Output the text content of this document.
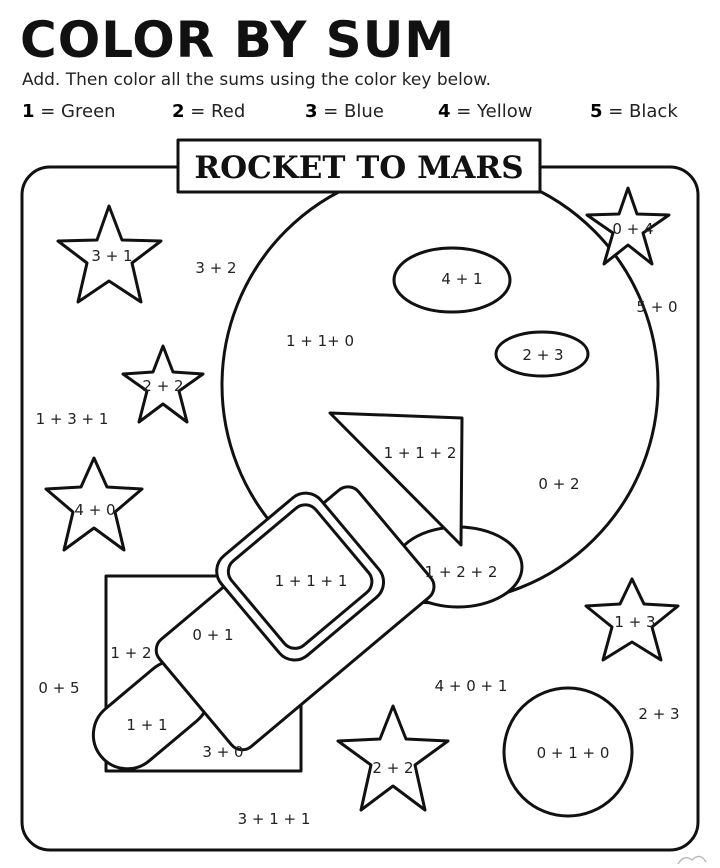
COLOR BY SUM
Add. Then color all the sums using the color key below.
1 = Green	2 = Red	3 = Blue	4 = Yellow	5 = Black
ROCKET TO MARS
3 + 1
0 + 4
2 + 2
4 + 0
1 + 3
2 + 2
4 + 1
2 + 3
1 + 1+ 0
0 + 2
1 + 2 + 2
1 + 1 + 2
1 + 1 + 1
0 + 1
1 + 2
1 + 1
3 + 0
3 + 2
5 + 0
1 + 3 + 1
0 + 5	4 + 0 + 1
2 + 3
3 + 1 + 1
0 + 1 + 0
